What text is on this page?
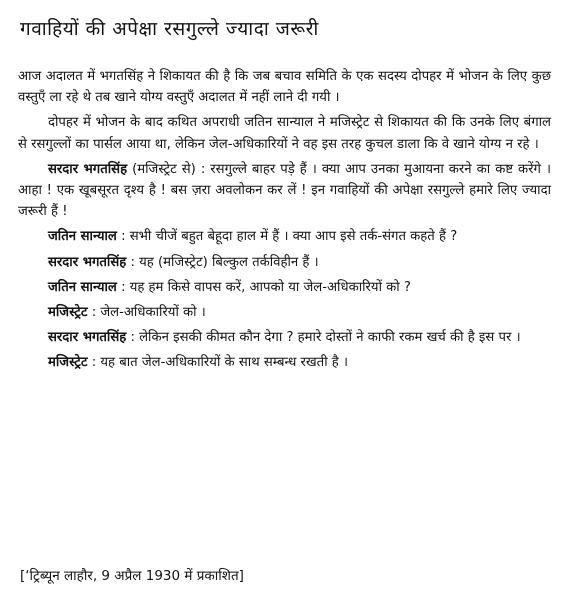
गवाहियों की अपेक्षा रसगुल्ले ज्यादा जरूरी

आज अदालत में भगतसिंह ने शिकायत की है कि जब बचाव समिति के एक सदस्य दोपहर में भोजन के लिए कुछ वस्तुएँ ला रहे थे तब खाने योग्य वस्तुएँ अदालत में नहीं लाने दी गयी ।

दोपहर में भोजन के बाद कथित अपराधी जतिन सान्याल ने मजिस्ट्रेट से शिकायत की कि उनके लिए बंगाल से रसगुल्लों का पार्सल आया था, लेकिन जेल-अधिकारियों ने वह इस तरह कुचल डाला कि वे खाने योग्य न रहे ।

सरदार भगतसिंह (मजिस्ट्रेट से) : रसगुल्ले बाहर पड़े हैं । क्या आप उनका मुआयना करने का कष्ट करेंगे । आहा ! एक खूबसूरत दृश्य है ! बस ज़रा अवलोकन कर लें ! इन गवाहियों की अपेक्षा रसगुल्ले हमारे लिए ज्यादा जरूरी हैं !

जतिन सान्याल : सभी चीजें बहुत बेहूदा हाल में हैं । क्या आप इसे तर्क-संगत कहते हैं ?

सरदार भगतसिंह : यह (मजिस्ट्रेट) बिल्कुल तर्कविहीन हैं ।

जतिन सान्याल : यह हम किसे वापस करें, आपको या जेल-अधिकारियों को ?

मजिस्ट्रेट : जेल-अधिकारियों को ।

सरदार भगतसिंह : लेकिन इसकी कीमत कौन देगा ? हमारे दोस्तों ने काफी रकम खर्च की है इस पर ।

मजिस्ट्रेट : यह बात जेल-अधिकारियों के साथ सम्बन्ध रखती है ।

[‘ट्रिब्यून लाहौर, 9 अप्रैल 1930 में प्रकाशित]
